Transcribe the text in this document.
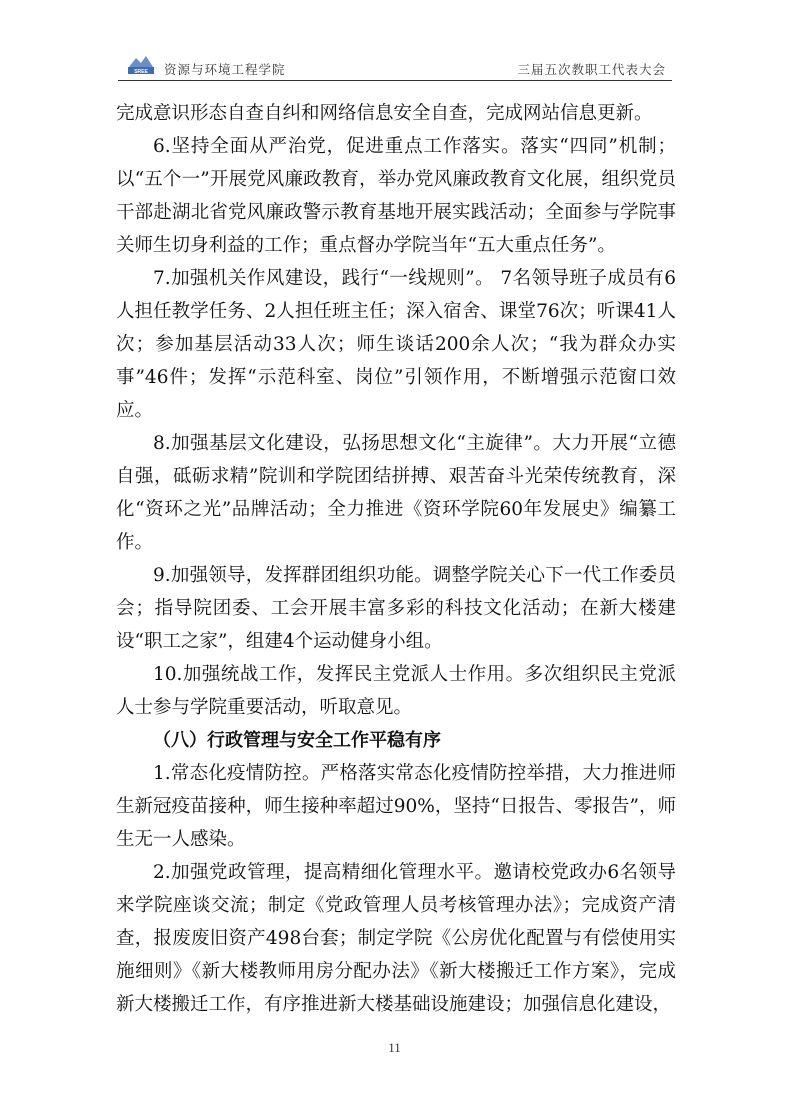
SREE 资源与环境工程学院	三届五次教职工代表大会

完成意识形态自查自纠和网络信息安全自查，完成网站信息更新。

6.坚持全面从严治党，促进重点工作落实。落实“四同”机制；以“五个一”开展党风廉政教育，举办党风廉政教育文化展，组织党员干部赴湖北省党风廉政警示教育基地开展实践活动；全面参与学院事关师生切身利益的工作；重点督办学院当年“五大重点任务”。

7.加强机关作风建设，践行“一线规则”。 7名领导班子成员有6人担任教学任务、2人担任班主任；深入宿舍、课堂76次；听课41人次；参加基层活动33人次；师生谈话200余人次；“我为群众办实事”46件；发挥“示范科室、岗位”引领作用，不断增强示范窗口效应。

8.加强基层文化建设，弘扬思想文化“主旋律”。大力开展“立德自强，砥砺求精”院训和学院团结拼搏、艰苦奋斗光荣传统教育，深化“资环之光”品牌活动；全力推进《资环学院60年发展史》编纂工作。

9.加强领导，发挥群团组织功能。调整学院关心下一代工作委员会；指导院团委、工会开展丰富多彩的科技文化活动；在新大楼建设“职工之家”，组建4个运动健身小组。

10.加强统战工作，发挥民主党派人士作用。多次组织民主党派人士参与学院重要活动，听取意见。

（八）行政管理与安全工作平稳有序

1.常态化疫情防控。严格落实常态化疫情防控举措，大力推进师生新冠疫苗接种，师生接种率超过90%，坚持“日报告、零报告”，师生无一人感染。

2.加强党政管理，提高精细化管理水平。邀请校党政办6名领导来学院座谈交流；制定《党政管理人员考核管理办法》；完成资产清查，报废废旧资产498台套；制定学院《公房优化配置与有偿使用实施细则》《新大楼教师用房分配办法》《新大楼搬迁工作方案》，完成新大楼搬迁工作，有序推进新大楼基础设施建设；加强信息化建设，

11
